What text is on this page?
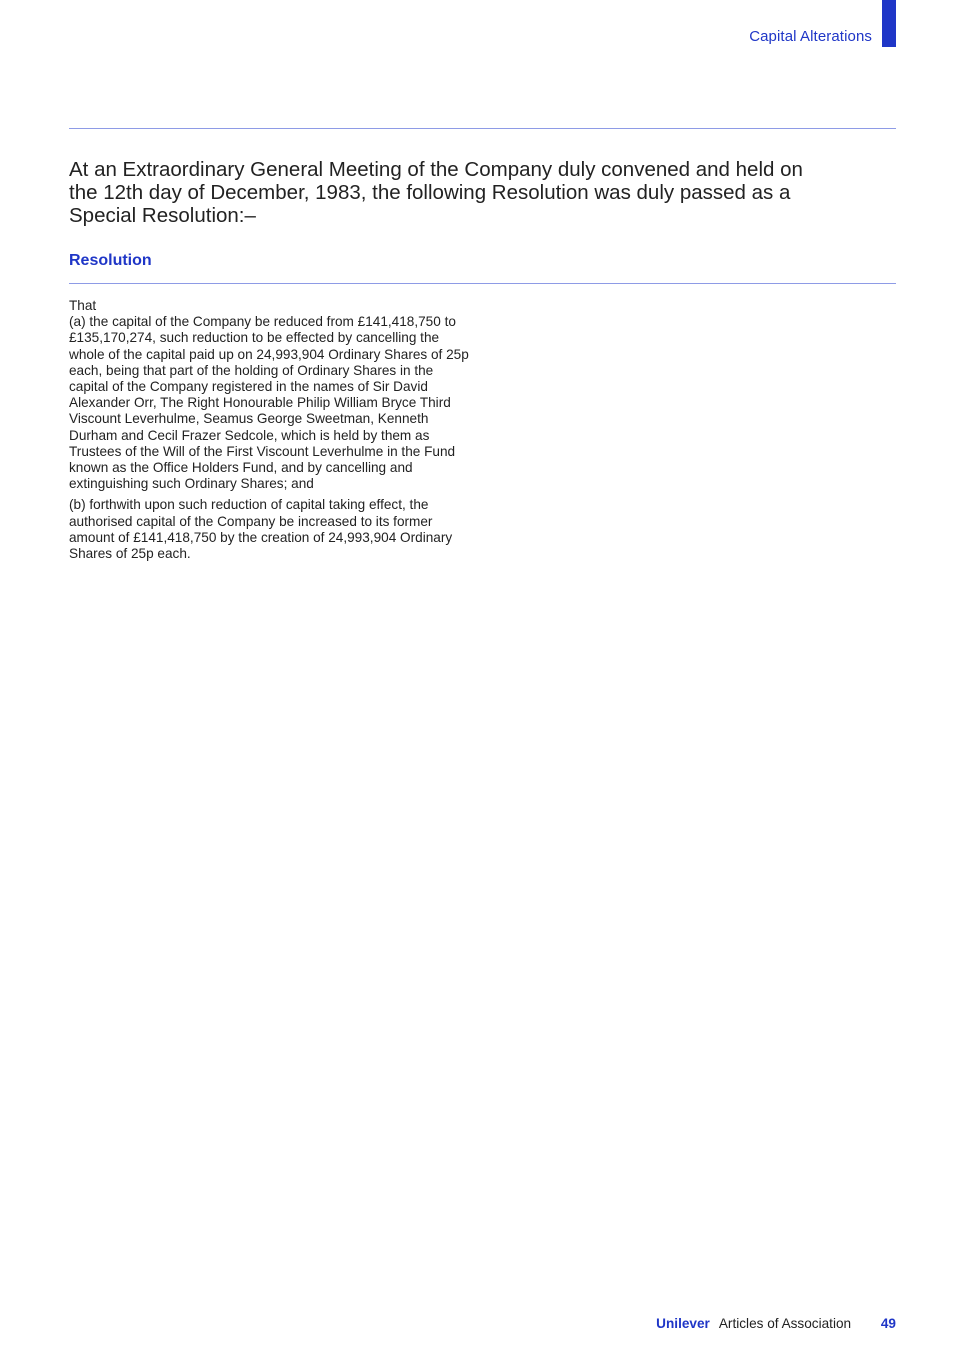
Capital Alterations
At an Extraordinary General Meeting of the Company duly convened and held on the 12th day of December, 1983, the following Resolution was duly passed as a Special Resolution:–
Resolution

That

(a) the capital of the Company be reduced from £141,418,750 to £135,170,274, such reduction to be effected by cancelling the whole of the capital paid up on 24,993,904 Ordinary Shares of 25p each, being that part of the holding of Ordinary Shares in the capital of the Company registered in the names of Sir David Alexander Orr, The Right Honourable Philip William Bryce Third Viscount Leverhulme, Seamus George Sweetman, Kenneth Durham and Cecil Frazer Sedcole, which is held by them as Trustees of the Will of the First Viscount Leverhulme in the Fund known as the Office Holders Fund, and by cancelling and extinguishing such Ordinary Shares; and

(b) forthwith upon such reduction of capital taking effect, the authorised capital of the Company be increased to its former amount of £141,418,750 by the creation of 24,993,904 Ordinary Shares of 25p each.

Unilever Articles of Association 49
